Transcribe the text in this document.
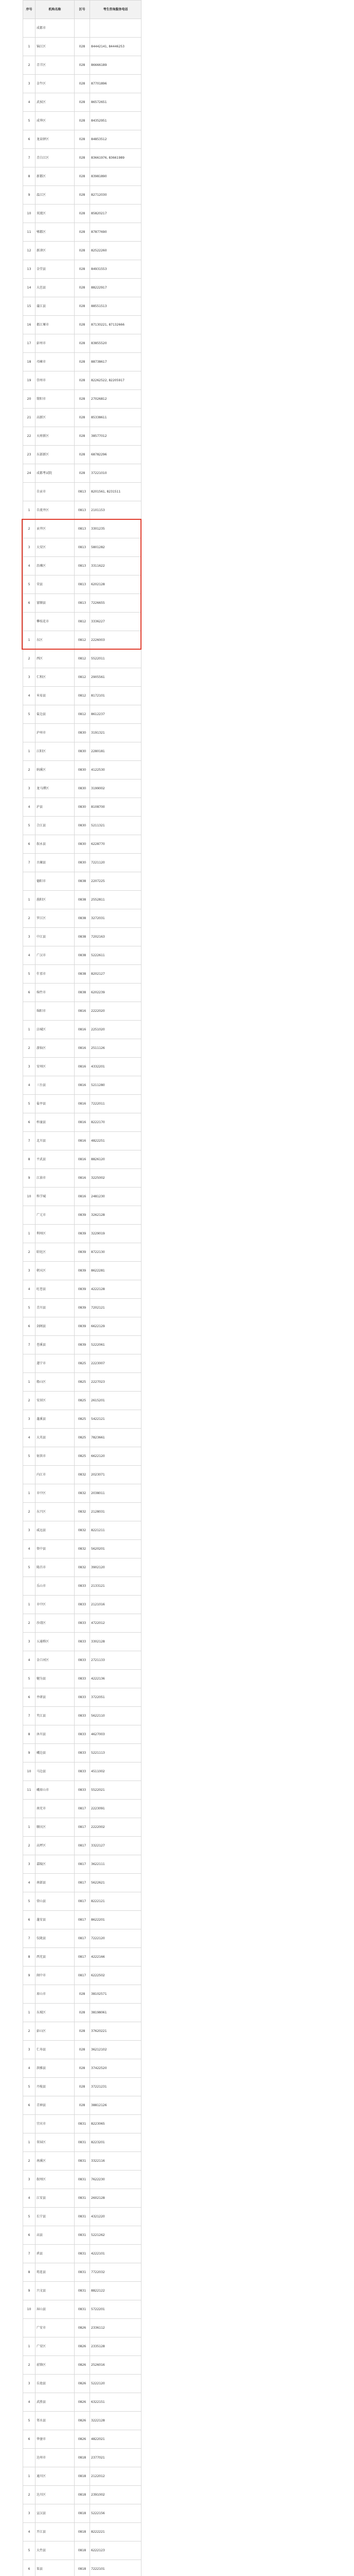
序号	机构名称	区号	考生咨询服务电话
	成都市		
1	锦江区	028	84442141, 84446253
2	青羊区	028	86666189
3	金牛区	028	87701896
4	武侯区	028	86572651
5	成华区	028	84352951
6	龙泉驿区	028	84853512
7	青白江区	028	83661976, 83661989
8	新都区	028	83981890
9	温江区	028	82712030
10	双流区	028	85820217
11	郫都区	028	87877690
12	新津区	028	82522260
13	金堂县	028	84931553
14	大邑县	028	88222917
15	蒲江县	028	88551513
16	都江堰市	028	87130221, 87132666
17	彭州市	028	83855520
18	邛崃市	028	88738617
19	崇州市	028	82262522, 82205917
20	简阳市	028	27026812
21	高新区	028	85338611
22	天府新区	028	38577012
23	东部新区	028	68782296
24	成都考试院	028	37221010
	自贡市	0813	8201561, 8231511
1	自流井区	0813	2101153
2	贡井区	0813	3301235
3	大安区	0813	5801282
4	沿滩区	0813	3311622
5	荣县	0813	6202128
6	富顺县	0813	7226655
	攀枝花市	0812	3336227
1	东区	0812	2226003
2	西区	0812	5522011
3	仁和区	0812	2905561
4	米易县	0812	8172101
5	盐边县	0812	8612237
	泸州市	0830	3191321
1	江阳区	0830	2280181
2	纳溪区	0830	4122530
3	龙马潭区	0830	3199002
4	泸县	0830	8108700
5	合江县	0830	5211321
6	叙永县	0830	6228770
7	古蔺县	0830	7221120
	德阳市	0838	2207225
1	旌阳区	0838	2552811
2	罗江区	0838	3272031
3	中江县	0838	7202163
4	广汉市	0838	5222611
5	什邡市	0838	8202127
6	绵竹市	0838	6202239
	绵阳市	0816	2222020
1	涪城区	0816	2251020
2	游仙区	0816	2511126
3	安州区	0816	4332201
4	三台县	0816	5211280
5	盐亭县	0816	7222011
6	梓潼县	0816	8222170
7	北川县	0816	4822251
8	平武县	0816	8826120
9	江油市	0816	3225002
10	科学城	0816	2481230
	广元市	0839	3262128
1	利州区	0839	3229019
2	昭化区	0839	8722130
3	朝天区	0839	8622281
4	旺苍县	0839	4222128
5	青川县	0839	7202121
6	剑阁县	0839	6622129
7	苍溪县	0839	5222061
	遂宁市	0825	2223007
1	船山区	0825	2227023
2	安居区	0825	2615201
3	蓬溪县	0825	5422121
4	大英县	0825	7823661
5	射洪市	0825	6622120
	内江市	0832	2023071
1	市中区	0832	2038011
2	东兴区	0832	2128031
3	威远县	0832	8221211
4	资中县	0832	5620201
5	隆昌市	0832	3902120
	乐山市	0833	2133121
1	市中区	0833	2121016
2	沙湾区	0833	4722012
3	五通桥区	0833	3302128
4	金口河区	0833	2721133
5	犍为县	0833	4222136
6	井研县	0833	3722051
7	夹江县	0833	5622110
8	沐川县	0833	4627003
9	峨边县	0833	5221113
10	马边县	0833	4511002
11	峨眉山市	0833	5522021
	南充市	0817	2223091
1	顺庆区	0817	2222002
2	高坪区	0817	3322127
3	嘉陵区	0817	3622111
4	南部县	0817	5622621
5	营山县	0817	8222121
6	蓬安县	0817	8622201
7	仪陇县	0817	7222120
8	西充县	0817	4222166
9	阆中市	0817	6222502
	眉山市	028	38102571
1	东坡区	028	38198061
2	彭山区	028	37620221
3	仁寿县	028	36212102
4	洪雅县	028	37422520
5	丹棱县	028	37221231
6	青神县	028	38812126
	宜宾市	0831	8223065
1	翠屏区	0831	8223201
2	南溪区	0831	3322116
3	叙州区	0831	7622230
4	江安县	0831	2602128
5	长宁县	0831	4321220
6	高县	0831	5221262
7	珙县	0831	4222101
8	筠连县	0831	7722032
9	兴文县	0831	8822122
10	屏山县	0831	5722201
	广安市	0826	2336112
1	广安区	0826	2335128
2	前锋区	0826	2526016
3	岳池县	0826	5222120
4	武胜县	0826	6322151
5	邻水县	0826	3222128
6	华蓥市	0826	4822021
	达州市	0818	2377021
1	通川区	0818	2122012
2	达川区	0818	2391002
3	宣汉县	0818	5222156
4	开江县	0818	8222221
5	大竹县	0818	6222123
6	渠县	0818	7222101
